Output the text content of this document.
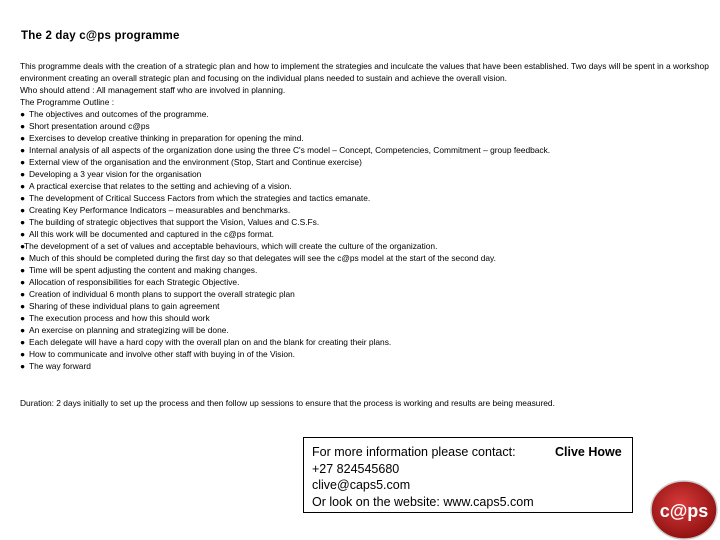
The 2 day c@ps programme

This programme deals with the creation of a strategic plan and how to implement the strategies and inculcate the values that have been established. Two days will be spent in a workshop environment creating an overall strategic plan and focusing on the individual plans needed to sustain and achieve the overall vision.

Who should attend : All management staff who are involved in planning.

The Programme Outline :

● The objectives and outcomes of the programme.
● Short presentation around c@ps
● Exercises to develop creative thinking in preparation for opening the mind.
● Internal analysis of all aspects of the organization done using the three C's model – Concept, Competencies, Commitment – group feedback.
● External view of the organisation and the environment (Stop, Start and Continue exercise)
● Developing a 3 year vision for the organisation
● A practical exercise that relates to the setting and achieving of a vision.
● The development of Critical Success Factors from which the strategies and tactics emanate.
● Creating Key Performance Indicators – measurables and benchmarks.
● The building of strategic objectives that support the Vision, Values and C.S.Fs.
● All this work will be documented and captured in the c@ps format.
●The development of a set of values and acceptable behaviours, which will create the culture of the organization.
● Much of this should be completed during the first day so that delegates will see the c@ps model at the start of the second day.
● Time will be spent adjusting the content and making changes.
● Allocation of responsibilities for each Strategic Objective.
● Creation of individual 6 month plans to support the overall strategic plan
● Sharing of these individual plans to gain agreement
● The execution process and how this should work
● An exercise on planning and strategizing will be done.
● Each delegate will have a hard copy with the overall plan on and the blank for creating their plans.
● How to communicate and involve other staff with buying in of the Vision.
● The way forward
Duration: 2 days initially to set up the process and then follow up sessions to ensure that the process is working and results are being measured.
For more information please contact:	Clive Howe
+27 824545680
clive@caps5.com
Or look on the website: www.caps5.com	c@ps
